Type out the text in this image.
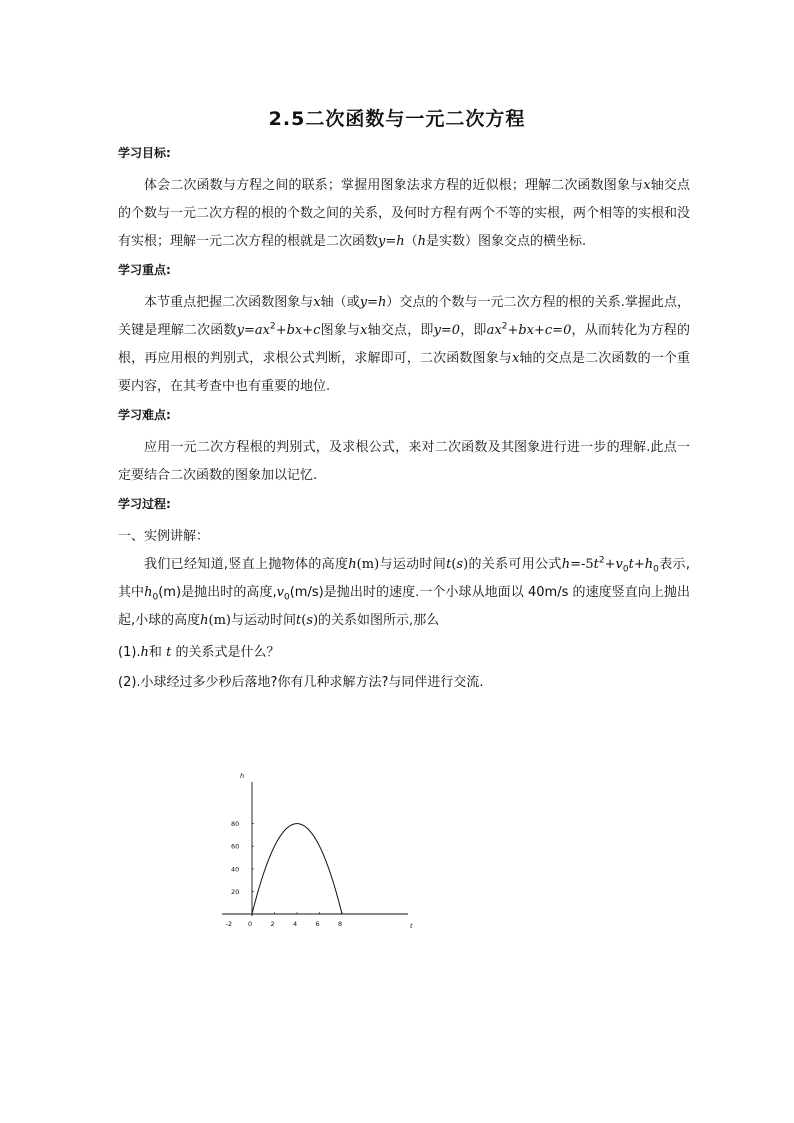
2.5二次函数与一元二次方程
学习目标:

体会二次函数与方程之间的联系；掌握用图象法求方程的近似根；理解二次函数图象与x轴交点的个数与一元二次方程的根的个数之间的关系，及何时方程有两个不等的实根，两个相等的实根和没有实根；理解一元二次方程的根就是二次函数y=h（h是实数）图象交点的横坐标.

学习重点:

本节重点把握二次函数图象与x轴（或y=h）交点的个数与一元二次方程的根的关系.掌握此点，关键是理解二次函数$y=ax^2+bx+c$图象与x轴交点，即y=0，即$ax^2+bx+c=0$，从而转化为方程的根，再应用根的判别式，求根公式判断，求解即可，二次函数图象与x轴的交点是二次函数的一个重要内容，在其考查中也有重要的地位.

学习难点:

应用一元二次方程根的判别式，及求根公式，来对二次函数及其图象进行进一步的理解.此点一定要结合二次函数的图象加以记忆.

学习过程:

一、实例讲解：

我们已经知道,竖直上抛物体的高度h(m)与运动时间t(s)的关系可用公式$h=-5t^2+v_0t+h_0$表示,其中$h_0(m)$是抛出时的高度$,v_0(m/s)$是抛出时的速度.一个小球从地面以 40m/s 的速度竖直向上抛出起,小球的高度h(m)与运动时间t(s)的关系如图所示,那么

(1).h和 t 的关系式是什么？

(2).小球经过多少秒后落地?你有几种求解方法?与同伴进行交流.

t
h
-2 0	2	4	6	8
20
40
60
80
